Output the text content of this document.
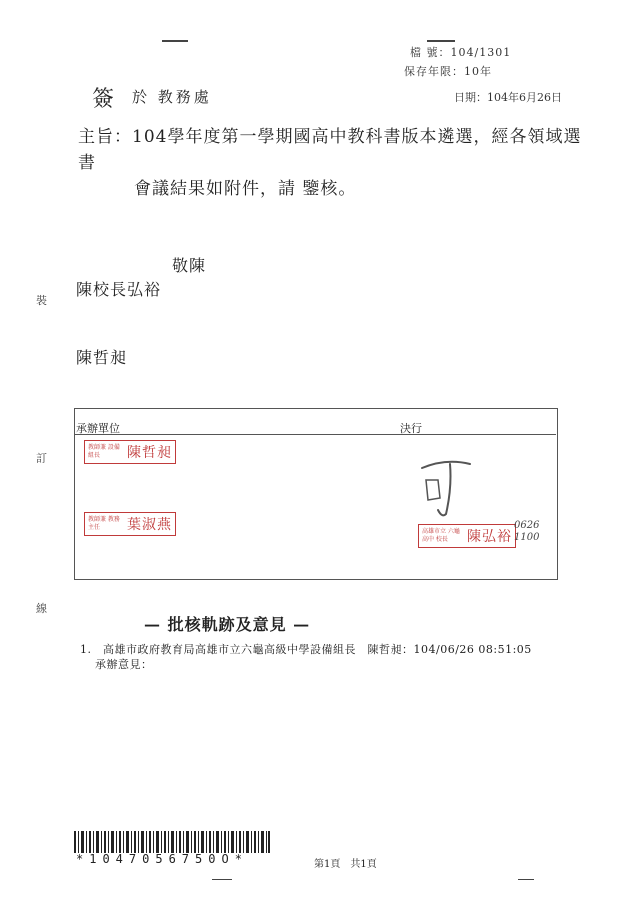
檔 號：104/1301
保存年限：10年
簽 於 教務處	日期：104年6月26日
主旨：104學年度第一學期國高中教科書版本遴選，經各領域選書
會議結果如附件，請 鑒核。
敬陳
陳校長弘裕
陳哲昶
裝
訂
線
承辦單位	決行
教師兼 設備組長	陳哲昶
教師兼 教務主任	葉淑燕	高雄市立 六龜高中 校長	陳弘裕
0626
1100
— 批核軌跡及意見 —
1.　高雄市政府教育局高雄市立六龜高級中學設備組長　陳哲昶：104/06/26 08:51:05
承辦意見：
*1047056750O*	第1頁　共1頁
